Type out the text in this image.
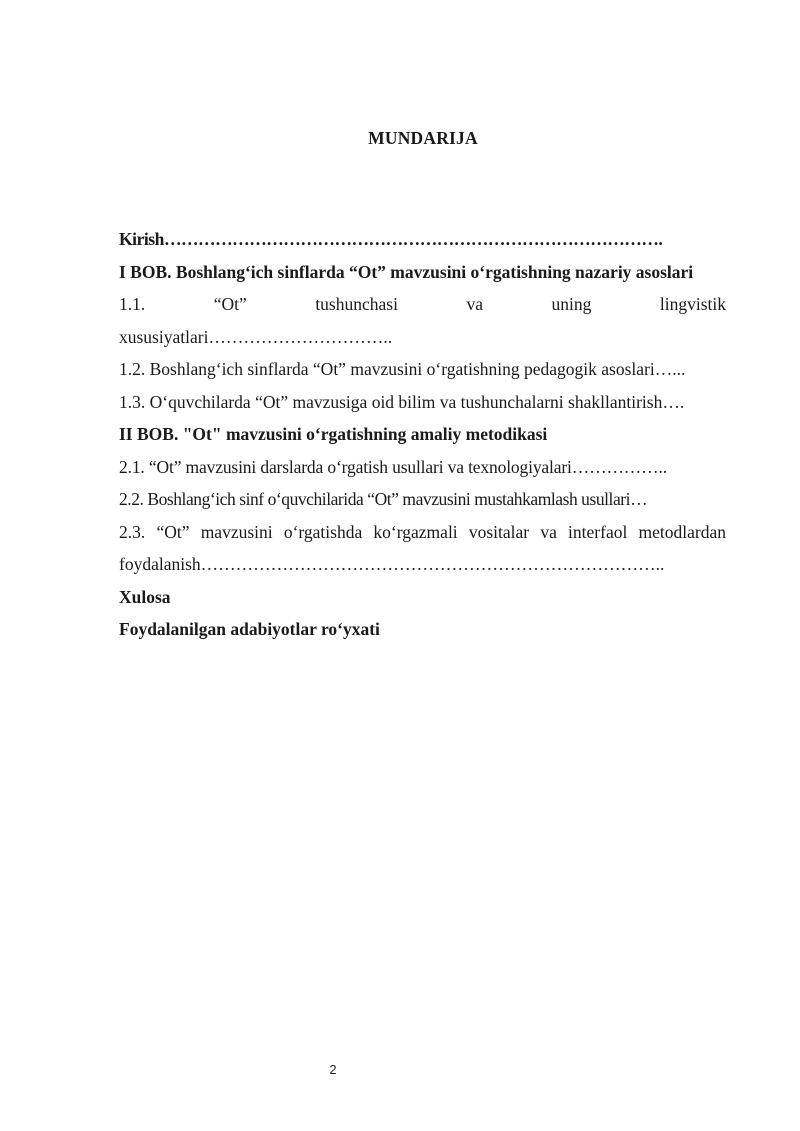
MUNDARIJA
Kirish…………………………………………………………………………….
I BOB. Boshlang‘ich sinflarda “Ot” mavzusini o‘rgatishning nazariy asoslari
1.1. “Ot” tushunchasi va uning lingvistik
xususiyatlari…………………………..
1.2. Boshlang‘ich sinflarda “Ot” mavzusini o‘rgatishning pedagogik asoslari…...
1.3. O‘quvchilarda “Ot” mavzusiga oid bilim va tushunchalarni shakllantirish….
II BOB. "Ot" mavzusini o‘rgatishning amaliy metodikasi
2.1. “Ot” mavzusini darslarda o‘rgatish usullari va texnologiyalari……………..
2.2. Boshlang‘ich sinf o‘quvchilarida “Ot” mavzusini mustahkamlash usullari…
2.3. “Ot” mavzusini o‘rgatishda ko‘rgazmali vositalar va interfaol metodlardan foydalanish……………………………………………………………………..
Xulosa
Foydalanilgan adabiyotlar ro‘yxati
2
